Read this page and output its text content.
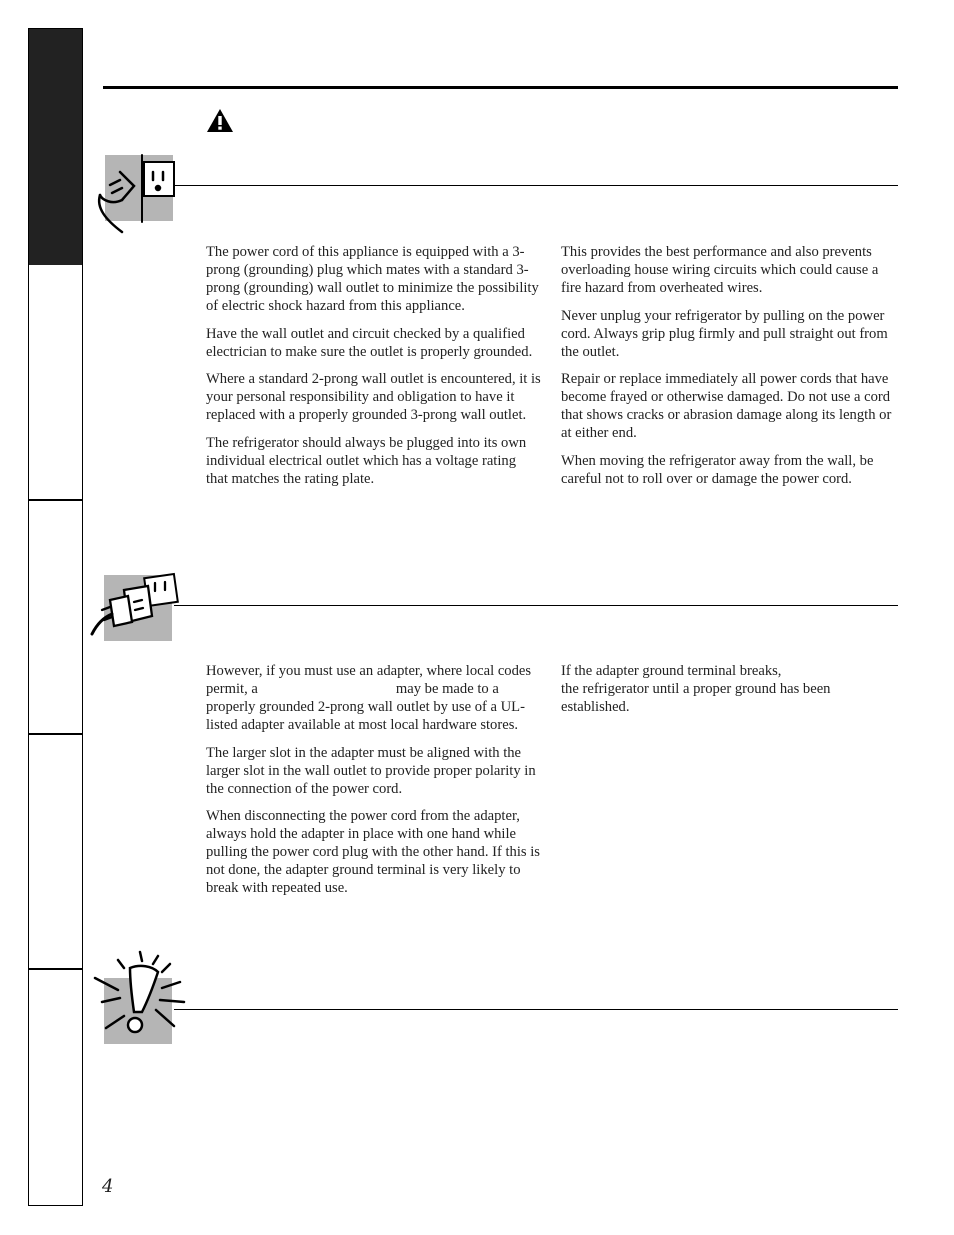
The power cord of this appliance is equipped with a 3-prong (grounding) plug which mates with a standard 3-prong (grounding) wall outlet to minimize the possibility of electric shock hazard from this appliance.

Have the wall outlet and circuit checked by a qualified electrician to make sure the outlet is properly grounded.

Where a standard 2-prong wall outlet is encountered, it is your personal responsibility and obligation to have it replaced with a properly grounded 3-prong wall outlet.

The refrigerator should always be plugged into its own individual electrical outlet which has a voltage rating that matches the rating plate.

This provides the best performance and also prevents overloading house wiring circuits which could cause a fire hazard from overheated wires.

Never unplug your refrigerator by pulling on the power cord. Always grip plug firmly and pull straight out from the outlet.

Repair or replace immediately all power cords that have become frayed or otherwise damaged. Do not use a cord that shows cracks or abrasion damage along its length or at either end.

When moving the refrigerator away from the wall, be careful not to roll over or damage the power cord.

However, if you must use an adapter, where local codes permit, a	may be made to a properly grounded 2-prong wall outlet by use of a UL-listed adapter available at most local hardware stores.

The larger slot in the adapter must be aligned with the larger slot in the wall outlet to provide proper polarity in the connection of the power cord.

When disconnecting the power cord from the adapter, always hold the adapter in place with one hand while pulling the power cord plug with the other hand. If this is not done, the adapter ground terminal is very likely to break with repeated use.

If the adapter ground terminal breaks,
the refrigerator until a proper ground has been established.

4
